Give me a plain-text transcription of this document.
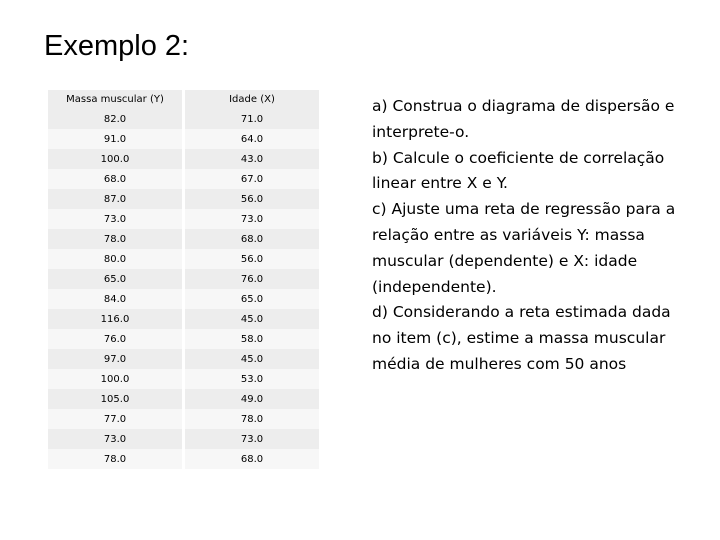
Exemplo 2:
Massa muscular (Y)	Idade (X)
82.0	71.0
91.0	64.0
100.0	43.0
68.0	67.0
87.0	56.0
73.0	73.0
78.0	68.0
80.0	56.0
65.0	76.0
84.0	65.0
116.0	45.0
76.0	58.0
97.0	45.0
100.0	53.0
105.0	49.0
77.0	78.0
73.0	73.0
78.0	68.0

a) Construa o diagrama de dispersão e interprete-o.

b) Calcule o coeficiente de correlação linear entre X e Y.

c) Ajuste uma reta de regressão para a relação entre as variáveis Y: massa muscular (dependente) e X: idade (independente).

d) Considerando a reta estimada dada no item (c), estime a massa muscular média de mulheres com 50 anos
